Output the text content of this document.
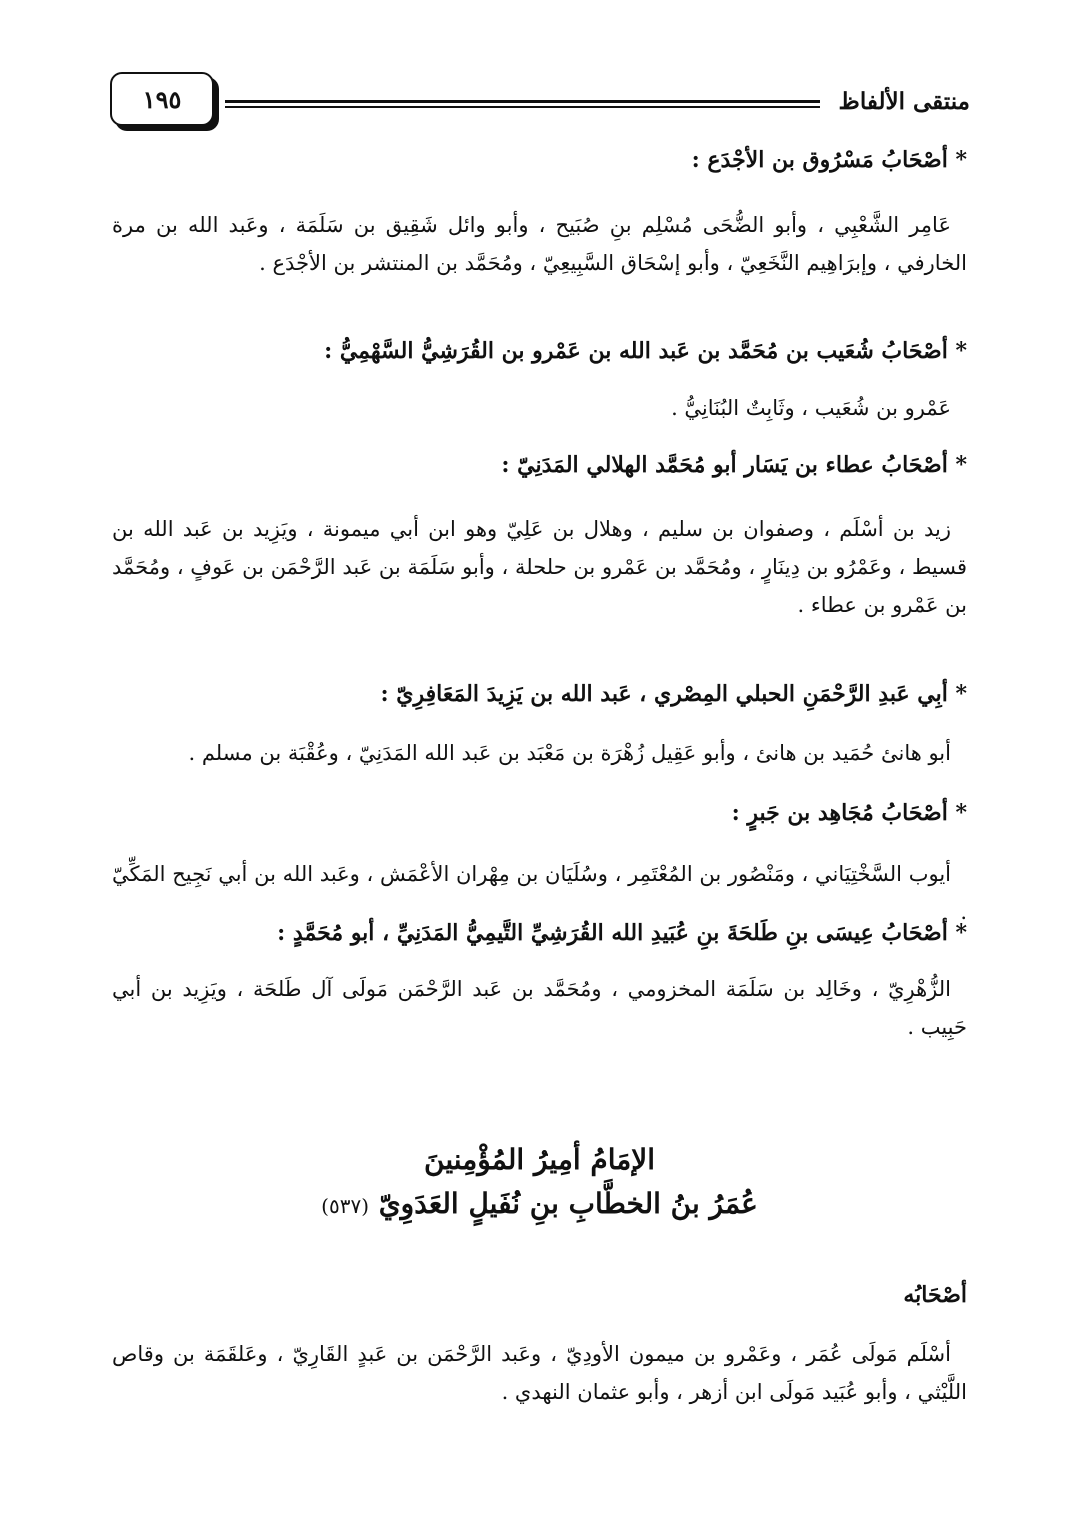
منتقى الألفاظ
١٩٥

* أصْحَابُ مَسْرُوق بن الأجْدَع :

عَامِر الشَّعْبِي ، وأبو الضُّحَى مُسْلِم بنِ صُبَيح ، وأبو وائل شَقِيق بن سَلَمَة ، وعَبد الله بن مرة الخارفي ، وإبرَاهِيم النَّخَعِيّ ، وأبو إسْحَاق السَّبِيعِيّ ، ومُحَمَّد بن المنتشر بن الأجْدَع .

* أصْحَابُ شُعَيب بن مُحَمَّد بن عَبد الله بن عَمْرو بن القُرَشِيُّ السَّهْمِيُّ :

عَمْرو بن شُعَيب ، وثَابِتٌ البُنَانِيُّ .

* أصْحَابُ عطاء بن يَسَار أبو مُحَمَّد الهلالي المَدَنِيّ :

زيد بن أسْلَم ، وصفوان بن سليم ، وهلال بن عَلِيّ وهو ابن أبي ميمونة ، ويَزِيد بن عَبد الله بن قسيط ، وعَمْرُو بن دِينَارٍ ، ومُحَمَّد بن عَمْرو بن حلحلة ، وأبو سَلَمَة بن عَبد الرَّحْمَن بن عَوفٍ ، ومُحَمَّد بن عَمْرو بن عطاء .

* أبِي عَبدِ الرَّحْمَنِ الحبلي المِصْري ، عَبد الله بن يَزِيدَ المَعَافِرِيّ :

أبو هانئ حُمَيد بن هانئ ، وأبو عَقِيل زُهْرَة بن مَعْبَد بن عَبد الله المَدَنِيّ ، وعُقْبَة بن مسلم .

* أصْحَابُ مُجَاهِد بن جَبرٍ :

أيوب السَّخْتِيَاني ، ومَنْصُور بن المُعْتَمِر ، وسُلَيَان بن مِهْران الأعْمَش ، وعَبد الله بن أبي نَجِيح المَكِّيّ .

* أصْحَابُ عِيسَى بنِ طَلحَةَ بنِ عُبَيدِ الله القُرَشِيِّ التَّيمِيُّ المَدَنِيِّ ، أبو مُحَمَّدٍ :

الزُّهْرِيّ ، وخَالِد بن سَلَمَة المخزومي ، ومُحَمَّد بن عَبد الرَّحْمَن مَولَى آل طَلحَة ، ويَزِيد بن أبي حَبِيب .

الإمَامُ أمِيرُ المُؤْمِنينَ

عُمَرُ بنُ الخطَّابِ بنِ نُفَيلٍ العَدَوِيّ (٥٣٧)

أصْحَابُه

أسْلَم مَولَى عُمَر ، وعَمْرو بن ميمون الأودِيّ ، وعَبد الرَّحْمَن بن عَبدٍ القَارِيّ ، وعَلقَمَة بن وقاص اللَّيْثي ، وأبو عُبَيد مَولَى ابن أزهر ، وأبو عثمان النهدي .
